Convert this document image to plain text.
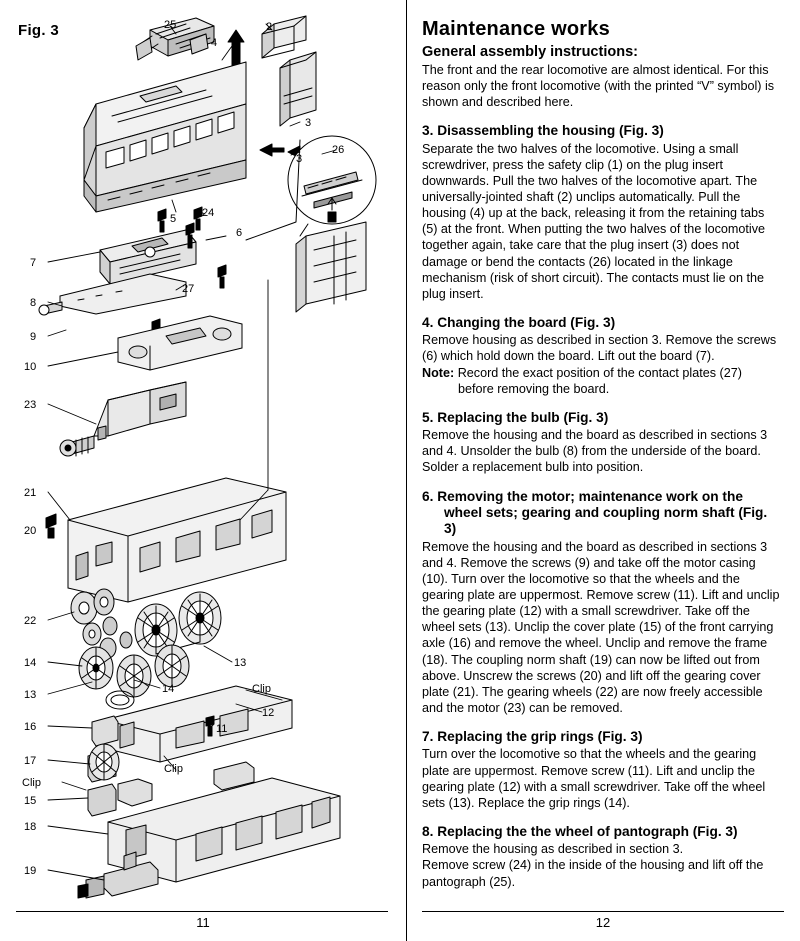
Fig. 3	25	2
4
3
3
26
5 24
6
7
8
9
10
27
23
21
20
22
14
13
16
17
15
18
19
13
14
12
11
Clip
Clip
Clip
11
Maintenance works
General assembly instructions:

The front and the rear locomotive are almost identical. For this reason only the front locomotive (with the printed “V” symbol) is shown and described here.

3. Disassembling the housing (Fig. 3)

Separate the two halves of the locomotive. Using a small screwdriver, press the safety clip (1) on the plug insert downwards. Pull the two halves of the locomotive apart. The universally-jointed shaft (2) unclips automatically. Pull the housing (4) up at the back, releasing it from the retaining tabs (5) at the front. When putting the two halves of the locomotive together again, take care that the plug insert (3) does not damage or bend the contacts (26) located in the linkage mechanism (risk of short circuit). The contacts must lie on the plug insert.

4. Changing the board (Fig. 3)

Remove housing as described in section 3. Remove the screws (6) which hold down the board. Lift out the board (7).

Note: Record the exact position of the contact plates (27) before removing the board.

5. Replacing the bulb (Fig. 3)

Remove the housing and the board as described in sections 3 and 4. Unsolder the bulb (8) from the underside of the board. Solder a replacement bulb into position.

6. Removing the motor; maintenance work on the
wheel sets; gearing and coupling norm shaft (Fig. 3)

Remove the housing and the board as described in sections 3 and 4. Remove the screws (9) and take off the motor casing (10). Turn over the locomotive so that the wheels and the gearing plate are uppermost. Remove screw (11). Lift and unclip the gearing plate (12) with a small screwdriver. Take off the wheel sets (13). Unclip the cover plate (15) of the front carrying axle (16) and remove the wheel. Unclip and remove the frame (18). The coupling norm shaft (19) can now be lifted out from above. Unscrew the screws (20) and lift off the gearing cover plate (21). The gearing wheels (22) are now freely accessible and the motor (23) can be removed.

7. Replacing the grip rings (Fig. 3)

Turn over the locomotive so that the wheels and the gearing plate are uppermost. Remove screw (11). Lift and unclip the gearing plate (12) with a small screwdriver. Take off the wheel sets (13). Replace the grip rings (14).

8. Replacing the the wheel of pantograph (Fig. 3)

Remove the housing as described in section 3.

Remove screw (24) in the inside of the housing and lift off the pantograph (25).

12
